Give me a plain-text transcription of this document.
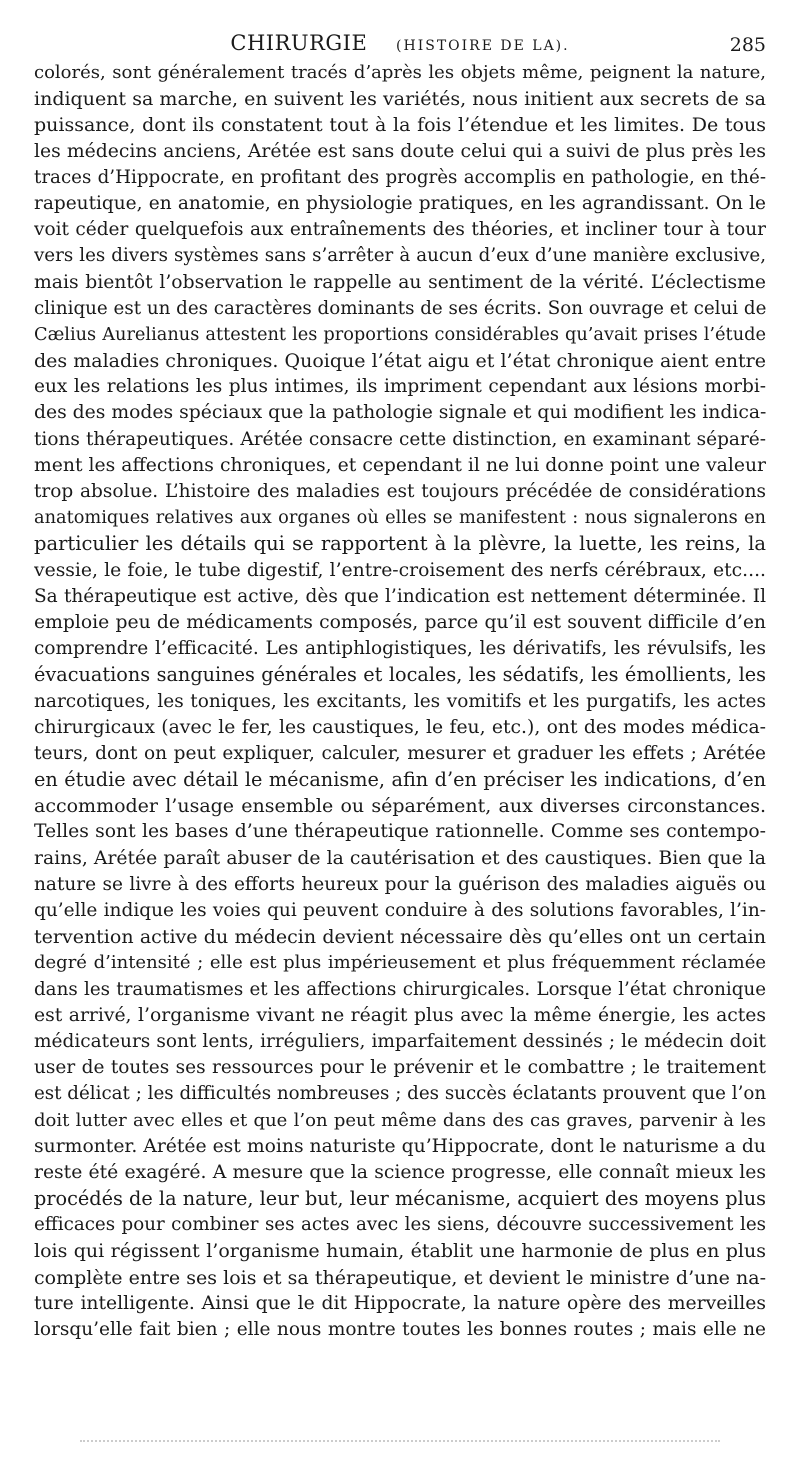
CHIRURGIE (HISTOIRE DE LA).	285
colorés, sont généralement tracés d’après les objets même, peignent la nature,
indiquent sa marche, en suivent les variétés, nous initient aux secrets de sa
puissance, dont ils constatent tout à la fois l’étendue et les limites. De tous
les médecins anciens, Arétée est sans doute celui qui a suivi de plus près les
traces d’Hippocrate, en profitant des progrès accomplis en pathologie, en thé-
rapeutique, en anatomie, en physiologie pratiques, en les agrandissant. On le
voit céder quelquefois aux entraînements des théories, et incliner tour à tour
vers les divers systèmes sans s’arrêter à aucun d’eux d’une manière exclusive,
mais bientôt l’observation le rappelle au sentiment de la vérité. L’éclectisme
clinique est un des caractères dominants de ses écrits. Son ouvrage et celui de
Cælius Aurelianus attestent les proportions considérables qu’avait prises l’étude
des maladies chroniques. Quoique l’état aigu et l’état chronique aient entre
eux les relations les plus intimes, ils impriment cependant aux lésions morbi-
des des modes spéciaux que la pathologie signale et qui modifient les indica-
tions thérapeutiques. Arétée consacre cette distinction, en examinant séparé-
ment les affections chroniques, et cependant il ne lui donne point une valeur
trop absolue. L’histoire des maladies est toujours précédée de considérations
anatomiques relatives aux organes où elles se manifestent : nous signalerons en
particulier les détails qui se rapportent à la plèvre, la luette, les reins, la
vessie, le foie, le tube digestif, l’entre-croisement des nerfs cérébraux, etc....
Sa thérapeutique est active, dès que l’indication est nettement déterminée. Il
emploie peu de médicaments composés, parce qu’il est souvent difficile d’en
comprendre l’efficacité. Les antiphlogistiques, les dérivatifs, les révulsifs, les
évacuations sanguines générales et locales, les sédatifs, les émollients, les
narcotiques, les toniques, les excitants, les vomitifs et les purgatifs, les actes
chirurgicaux (avec le fer, les caustiques, le feu, etc.), ont des modes médica-
teurs, dont on peut expliquer, calculer, mesurer et graduer les effets ; Arétée
en étudie avec détail le mécanisme, afin d’en préciser les indications, d’en
accommoder l’usage ensemble ou séparément, aux diverses circonstances.
Telles sont les bases d’une thérapeutique rationnelle. Comme ses contempo-
rains, Arétée paraît abuser de la cautérisation et des caustiques. Bien que la
nature se livre à des efforts heureux pour la guérison des maladies aiguës ou
qu’elle indique les voies qui peuvent conduire à des solutions favorables, l’in-
tervention active du médecin devient nécessaire dès qu’elles ont un certain
degré d’intensité ; elle est plus impérieusement et plus fréquemment réclamée
dans les traumatismes et les affections chirurgicales. Lorsque l’état chronique
est arrivé, l’organisme vivant ne réagit plus avec la même énergie, les actes
médicateurs sont lents, irréguliers, imparfaitement dessinés ; le médecin doit
user de toutes ses ressources pour le prévenir et le combattre ; le traitement
est délicat ; les difficultés nombreuses ; des succès éclatants prouvent que l’on
doit lutter avec elles et que l’on peut même dans des cas graves, parvenir à les
surmonter. Arétée est moins naturiste qu’Hippocrate, dont le naturisme a du
reste été exagéré. A mesure que la science progresse, elle connaît mieux les
procédés de la nature, leur but, leur mécanisme, acquiert des moyens plus
efficaces pour combiner ses actes avec les siens, découvre successivement les
lois qui régissent l’organisme humain, établit une harmonie de plus en plus
complète entre ses lois et sa thérapeutique, et devient le ministre d’une na-
ture intelligente. Ainsi que le dit Hippocrate, la nature opère des merveilles
lorsqu’elle fait bien ; elle nous montre toutes les bonnes routes ; mais elle ne
